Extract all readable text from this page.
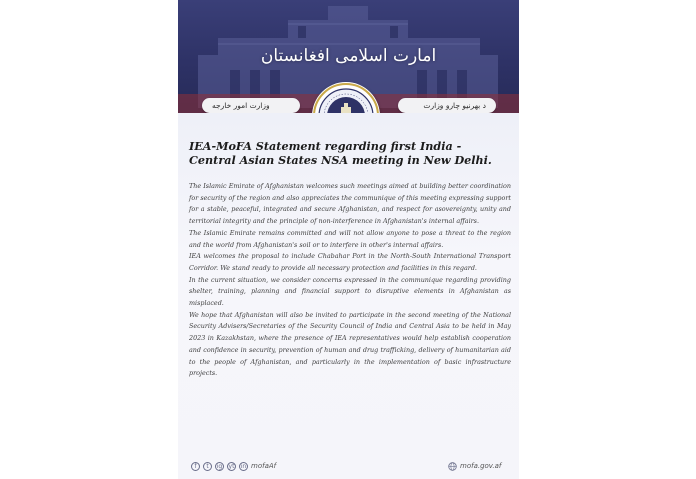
امارت اسلامی افغانستان
وزارت امور خارجه	د بهرنیو چارو وزارت
IEA-MoFA Statement regarding first India - Central Asian States NSA meeting in New Delhi.

The Islamic Emirate of Afghanistan welcomes such meetings aimed at building better coordination for security of the region and also appreciates the communique of this meeting expressing support for a stable, peaceful, integrated and secure Afghanistan, and respect for asovereignty, unity and territorial integrity and the principle of non-interference in Afghanistan's internal affairs.

The Islamic Emirate remains committed and will not allow anyone to pose a threat to the region and the world from Afghanistan's soil or to interfere in other's internal affairs.

IEA welcomes the proposal to include Chabahar Port in the North-South International Transport Corridor. We stand ready to provide all necessary protection and facilities in this regard.

In the current situation, we consider concerns expressed in the communique regarding providing shelter, training, planning and financial support to disruptive elements in Afghanistan as misplaced.

We hope that Afghanistan will also be invited to participate in the second meeting of the National Security Advisers/Secretaries of the Security Council of India and Central Asia to be held in May 2023 in Kazakhstan, where the presence of IEA representatives would help establish cooperation and confidence in security, prevention of human and drug trafficking, delivery of humanitarian aid to the people of Afghanistan, and particularly in the implementation of basic infrastructure projects.

f	t	ig yt in mofaAf	mofa.gov.af
